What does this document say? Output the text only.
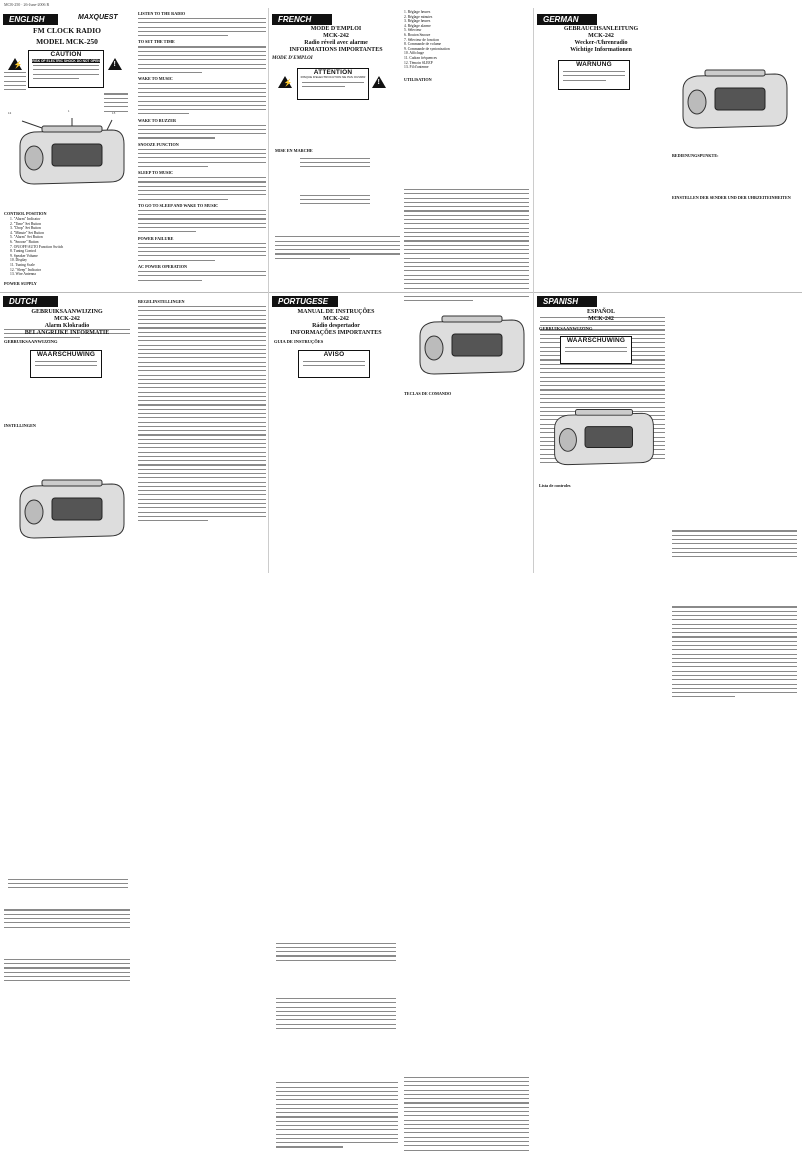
MCR-250 · 26-June-2006 R
ENGLISH	MAXQUEST
FM CLOCK RADIO
MODEL MCK-250
⚡
CAUTION
RISK OF ELECTRIC SHOCK DO NOT OPEN !
12	1	13
CONTROL POSITION
1. "Alarm" Indicator
2. "Time" Set Button
3. "Drop" Set Button
4. "Minute" Set Button
5. "Alarm" Set Button
6. "Snooze" Button
7. ON/OFF/AUTO Function Switch
8. Tuning Control
9. Speaker Volume
10. Display
11. Tuning Scale
12. "Sleep" Indicator
13. Wire Antenna
POWER SUPPLY
LISTEN TO THE RADIO
TO SET THE TIME
WAKE TO MUSIC
WAKE TO BUZZER
SNOOZE FUNCTION
SLEEP TO MUSIC
TO GO TO SLEEP AND WAKE TO MUSIC
POWER FAILURE
AC POWER OPERATION
FRENCH
MODE D'EMPLOI
MCK-242
Radio réveil avec alarme
INFORMATIONS IMPORTANTES
MODE D'EMPLOI
⚡
ATTENTION
RISQUE D'ELECTROCUTION NE PAS OUVRIR
!
MISE EN MARCHE
1. Réglage heures
2. Réglage minutes
3. Réglage heures
4. Réglage alarme
5. Sélecteur
6. Bouton Snooze
7. Sélecteur de fonction
8. Commande de volume
9. Commande de syntonisation
10. Affichage
11. Cadran fréquences
12. Témoin SLEEP
13. Fil d'antenne
UTILISATION
GERMAN
GEBRAUCHSANLEITUNG
MCK-242
Wecker-/Uhrenradio
Wichtige Informationen
WARNUNG
BEDIENUNGSPUNKTE:
EINSTELLEN DER SENDER UND DER UHRZEITEINHEITEN
DUTCH
GEBRUIKSAANWIJZING
MCK-242
Alarm Klokradio
BELANGRIJKE INFORMATIE
GEBRUIKSAANWIJZING
WAARSCHUWING
INSTELLINGEN
REGELINSTELLINGEN	PORTUGESE
MANUAL DE INSTRUÇÕES
MCK-242
Rádio despertador
INFORMAÇÕES IMPORTANTES
GUIA DE INSTRUÇÕES
AVISO
TECLAS DE COMANDO
SPANISH
ESPAÑOL
MCK-242
GEBRUIKSAANWIJZING
WAARSCHUWING
Lista de controles
